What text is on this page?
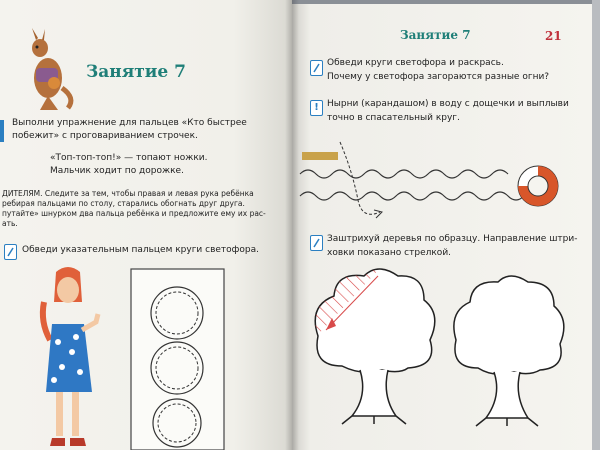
Занятие 7
Выполни упражнение для пальцев «Кто быстрее
побежит» с проговариванием строчек.
«Топ-топ-топ!» — топают ножки.
Мальчик ходит по дорожке.
ДИТЕЛЯМ. Следите за тем, чтобы правая и левая рука ребёнка
ребирая пальцами по столу, старались обогнать друг друга.
путайте» шнурком два пальца ребёнка и предложите ему их рас-
ать.
Обведи указательным пальцем круги светофора.
Занятие 7	21
Обведи круги светофора и раскрась.
Почему у светофора загораются разные огни?
! Нырни (карандашом) в воду с дощечки и выплыви
точно в спасательный круг.
Заштрихуй деревья по образцу. Направление штри-
ховки показано стрелкой.
